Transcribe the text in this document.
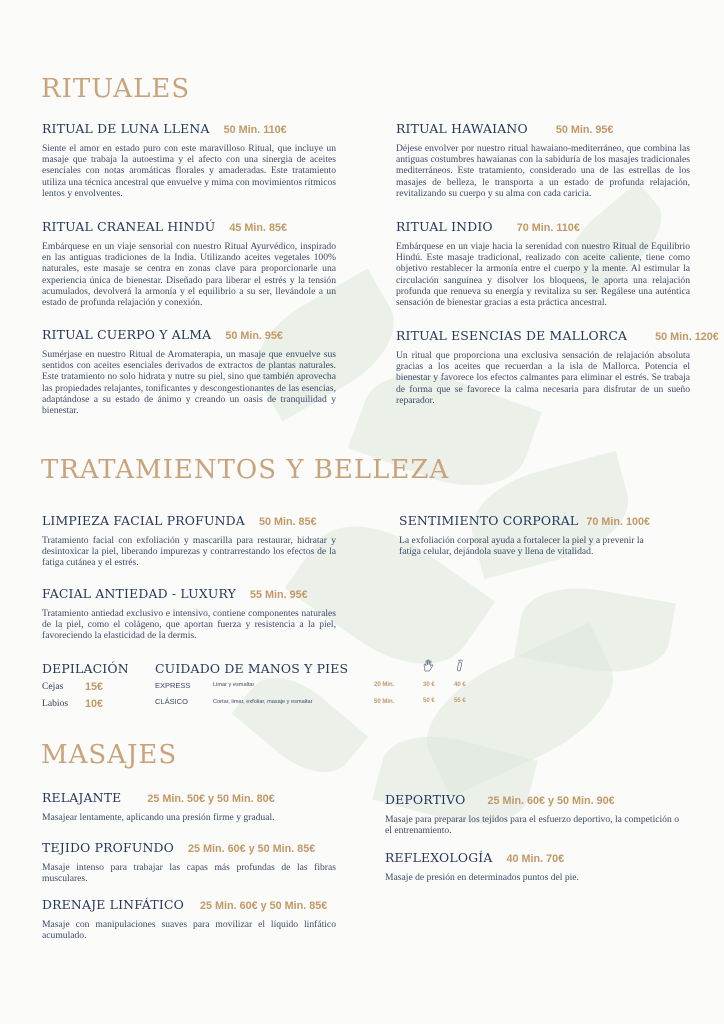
RITUALES
RITUAL DE LUNA LLENA 50 Min. 110€
Siente el amor en estado puro con este maravilloso Ritual, que incluye un masaje que trabaja la autoestima y el afecto con una sinergia de aceites esenciales con notas aromáticas florales y amaderadas. Este tratamiento utiliza una técnica ancestral que envuelve y mima con movimientos rítmicos lentos y envolventes.
RITUAL CRANEAL HINDÚ 45 Min. 85€
Embárquese en un viaje sensorial con nuestro Ritual Ayurvédico, inspirado en las antiguas tradiciones de la India. Utilizando aceites vegetales 100% naturales, este masaje se centra en zonas clave para proporcionarle una experiencia única de bienestar. Diseñado para liberar el estrés y la tensión acumulados, devolverá la armonía y el equilibrio a su ser, llevándole a un estado de profunda relajación y conexión.
RITUAL CUERPO Y ALMA 50 Min. 95€
Sumérjase en nuestro Ritual de Aromaterapia, un masaje que envuelve sus sentidos con aceites esenciales derivados de extractos de plantas naturales. Este tratamiento no solo hidrata y nutre su piel, sino que también aprovecha las propiedades relajantes, tonificantes y descongestionantes de las esencias, adaptándose a su estado de ánimo y creando un oasis de tranquilidad y bienestar.
RITUAL HAWAIANO	50 Min. 95€
Déjese envolver por nuestro ritual hawaiano-mediterráneo, que combina las antiguas costumbres hawaianas con la sabiduría de los masajes tradicionales mediterráneos. Este tratamiento, considerado una de las estrellas de los masajes de belleza, le transporta a un estado de profunda relajación, revitalizando su cuerpo y su alma con cada caricia.
RITUAL INDIO 70 Min. 110€
Embárquese en un viaje hacia la serenidad con nuestro Ritual de Equilibrio Hindú. Este masaje tradicional, realizado con aceite caliente, tiene como objetivo restablecer la armonía entre el cuerpo y la mente. Al estimular la circulación sanguínea y disolver los bloqueos, le aporta una relajación profunda que renueva su energía y revitaliza su ser. Regálese una auténtica sensación de bienestar gracias a esta práctica ancestral.
RITUAL ESENCIAS DE MALLORCA	50 Min. 120€
Un ritual que proporciona una exclusiva sensación de relajación absoluta gracias a los aceites que recuerdan a la isla de Mallorca. Potencia el bienestar y favorece los efectos calmantes para eliminar el estrés. Se trabaja de forma que se favorece la calma necesaria para disfrutar de un sueño reparador.
TRATAMIENTOS Y BELLEZA
LIMPIEZA FACIAL PROFUNDA 50 Min. 85€
Tratamiento facial con exfoliación y mascarilla para restaurar, hidratar y desintoxicar la piel, liberando impurezas y contrarrestando los efectos de la fatiga cutánea y el estrés.
FACIAL ANTIEDAD - LUXURY 55 Min. 95€
Tratamiento antiedad exclusivo e intensivo, contiene componentes naturales de la piel, como el colágeno, que aportan fuerza y resistencia a la piel, favoreciendo la elasticidad de la dermis.
SENTIMIENTO CORPORAL 70 Min. 100€
La exfoliación corporal ayuda a fortalecer la piel y a prevenir la fatiga celular, dejándola suave y llena de vitalidad.
DEPILACIÓN
Cejas	15€
Labios	10€
CUIDADO DE MANOS Y PIES
EXPRESS	Limar y esmaltar	20 Min.	30 €	40 €
CLÁSICO	Cortar, limar, exfoliar, masaje y esmaltar	50 Min.	50 €	55 €
MASAJES
RELAJANTE 25 Min. 50€ y 50 Min. 80€
Masajear lentamente, aplicando una presión firme y gradual.
TEJIDO PROFUNDO 25 Min. 60€ y 50 Min. 85€
Masaje intenso para trabajar las capas más profundas de las fibras musculares.
DRENAJE LINFÁTICO 25 Min. 60€ y 50 Min. 85€
Masaje con manipulaciones suaves para movilizar el líquido linfático acumulado.
DEPORTIVO 25 Min. 60€ y 50 Min. 90€
Masaje para preparar los tejidos para el esfuerzo deportivo, la competición o el entrenamiento.
REFLEXOLOGÍA 40 Min. 70€
Masaje de presión en determinados puntos del pie.
